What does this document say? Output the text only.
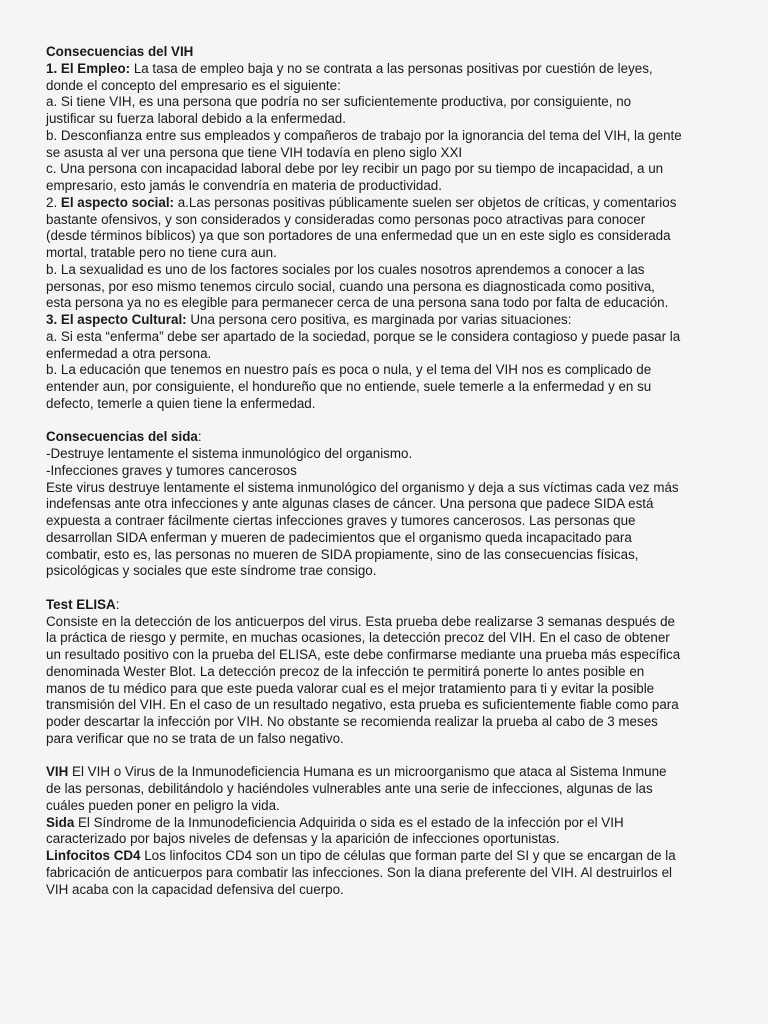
Consecuencias del VIH
1. El Empleo: La tasa de empleo baja y no se contrata a las personas positivas por cuestión de leyes,
donde el concepto del empresario es el siguiente:
a. Si tiene VIH, es una persona que podría no ser suficientemente productiva, por consiguiente, no
justificar su fuerza laboral debido a la enfermedad.
b. Desconfianza entre sus empleados y compañeros de trabajo por la ignorancia del tema del VIH, la gente
se asusta al ver una persona que tiene VIH todavía en pleno siglo XXI
c. Una persona con incapacidad laboral debe por ley recibir un pago por su tiempo de incapacidad, a un
empresario, esto jamás le convendría en materia de productividad.
2. El aspecto social: a.Las personas positivas públicamente suelen ser objetos de críticas, y comentarios
bastante ofensivos, y son considerados y consideradas como personas poco atractivas para conocer
(desde términos bíblicos) ya que son portadores de una enfermedad que un en este siglo es considerada
mortal, tratable pero no tiene cura aun.
b. La sexualidad es uno de los factores sociales por los cuales nosotros aprendemos a conocer a las
personas, por eso mismo tenemos circulo social, cuando una persona es diagnosticada como positiva,
esta persona ya no es elegible para permanecer cerca de una persona sana todo por falta de educación.
3. El aspecto Cultural: Una persona cero positiva, es marginada por varias situaciones:
a. Si esta “enferma” debe ser apartado de la sociedad, porque se le considera contagioso y puede pasar la
enfermedad a otra persona.
b. La educación que tenemos en nuestro país es poca o nula, y el tema del VIH nos es complicado de
entender aun, por consiguiente, el hondureño que no entiende, suele temerle a la enfermedad y en su
defecto, temerle a quien tiene la enfermedad.
Consecuencias del sida:
-Destruye lentamente el sistema inmunológico del organismo.
-Infecciones graves y tumores cancerosos
Este virus destruye lentamente el sistema inmunológico del organismo y deja a sus víctimas cada vez más
indefensas ante otra infecciones y ante algunas clases de cáncer. Una persona que padece SIDA está
expuesta a contraer fácilmente ciertas infecciones graves y tumores cancerosos. Las personas que
desarrollan SIDA enferman y mueren de padecimientos que el organismo queda incapacitado para
combatir, esto es, las personas no mueren de SIDA propiamente, sino de las consecuencias físicas,
psicológicas y sociales que este síndrome trae consigo.
Test ELISA:
Consiste en la detección de los anticuerpos del virus. Esta prueba debe realizarse 3 semanas después de
la práctica de riesgo y permite, en muchas ocasiones, la detección precoz del VIH. En el caso de obtener
un resultado positivo con la prueba del ELISA, este debe confirmarse mediante una prueba más específica
denominada Wester Blot. La detección precoz de la infección te permitirá ponerte lo antes posible en
manos de tu médico para que este pueda valorar cual es el mejor tratamiento para ti y evitar la posible
transmisión del VIH. En el caso de un resultado negativo, esta prueba es suficientemente fiable como para
poder descartar la infección por VIH. No obstante se recomienda realizar la prueba al cabo de 3 meses
para verificar que no se trata de un falso negativo.
VIH El VIH o Virus de la Inmunodeficiencia Humana es un microorganismo que ataca al Sistema Inmune
de las personas, debilitándolo y haciéndoles vulnerables ante una serie de infecciones, algunas de las
cuáles pueden poner en peligro la vida.
Sida El Síndrome de la Inmunodeficiencia Adquirida o sida es el estado de la infección por el VIH
caracterizado por bajos niveles de defensas y la aparición de infecciones oportunistas.
Linfocitos CD4 Los linfocitos CD4 son un tipo de células que forman parte del SI y que se encargan de la
fabricación de anticuerpos para combatir las infecciones. Son la diana preferente del VIH. Al destruirlos el
VIH acaba con la capacidad defensiva del cuerpo.
